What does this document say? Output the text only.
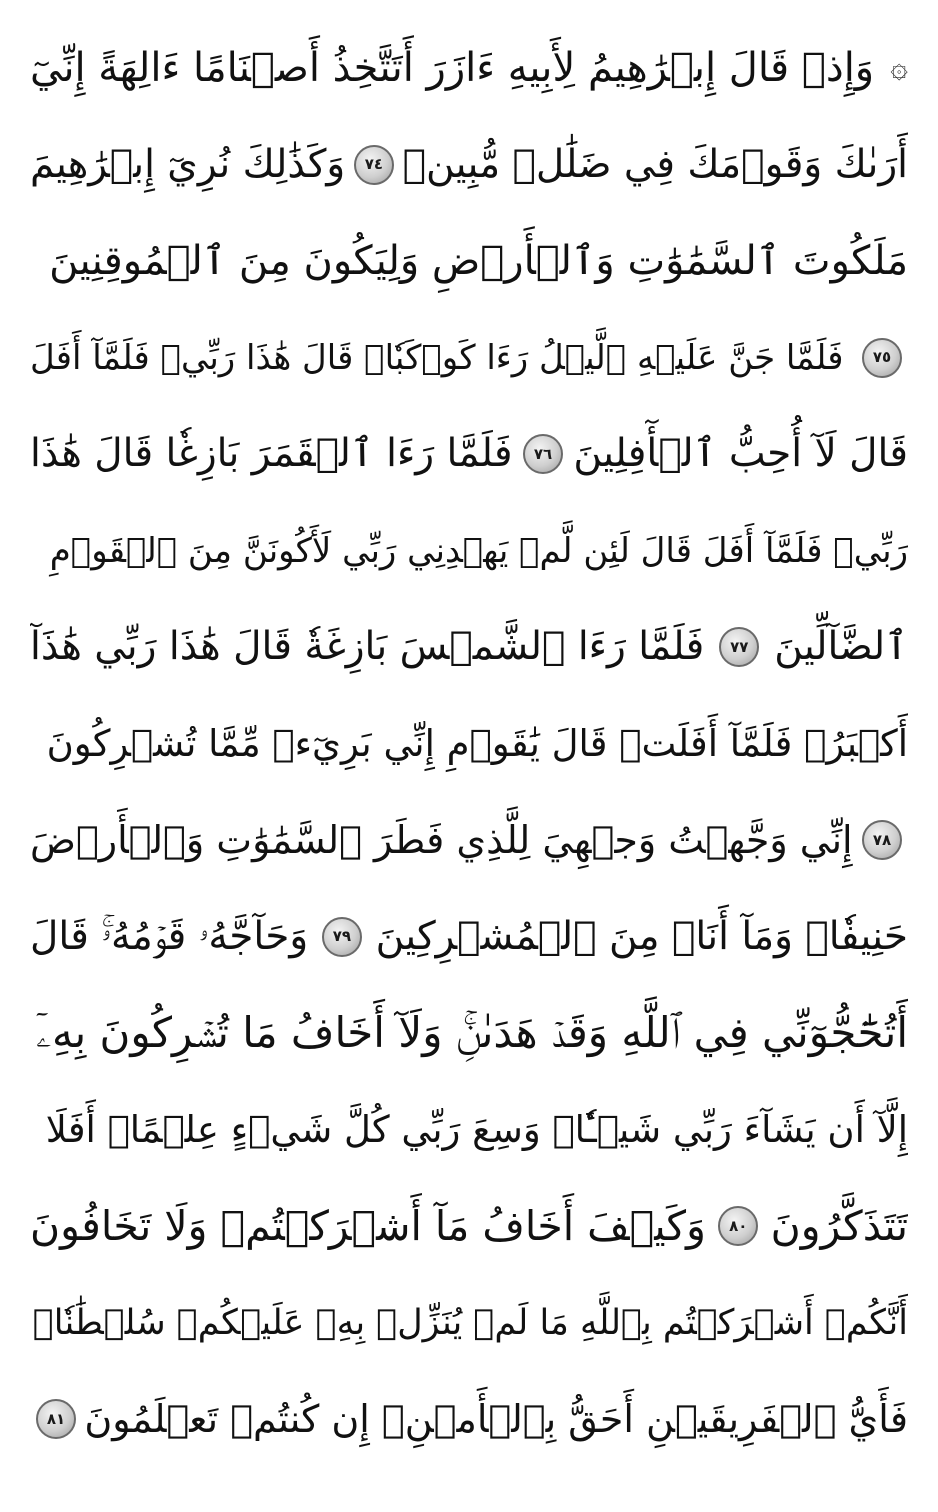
۞
وَإِذۡ قَالَ إِبۡرَٰهِيمُ لِأَبِيهِ ءَازَرَ أَتَتَّخِذُ أَصۡنَامًا ءَالِهَةً إِنِّيٓ
أَرَىٰكَ وَقَوۡمَكَ فِي ضَلَٰلٖ مُّبِينٖ
٧٤
وَكَذَٰلِكَ نُرِيٓ إِبۡرَٰهِيمَ
مَلَكُوتَ ٱلسَّمَٰوَٰتِ وَٱلۡأَرۡضِ وَلِيَكُونَ مِنَ ٱلۡمُوقِنِينَ
٧٥
فَلَمَّا جَنَّ عَلَيۡهِ ٱلَّيۡلُ رَءَا كَوۡكَبٗاۖ قَالَ هَٰذَا رَبِّيۖ فَلَمَّآ أَفَلَ
قَالَ لَآ أُحِبُّ ٱلۡأٓفِلِينَ
٧٦
فَلَمَّا رَءَا ٱلۡقَمَرَ بَازِغٗا قَالَ هَٰذَا
رَبِّيۖ فَلَمَّآ أَفَلَ قَالَ لَئِن لَّمۡ يَهۡدِنِي رَبِّي لَأَكُونَنَّ مِنَ ٱلۡقَوۡمِ
ٱلضَّآلِّينَ
٧٧
فَلَمَّا رَءَا ٱلشَّمۡسَ بَازِغَةٗ قَالَ هَٰذَا رَبِّي هَٰذَآ
أَكۡبَرُۖ فَلَمَّآ أَفَلَتۡ قَالَ يَٰقَوۡمِ إِنِّي بَرِيٓءٞ مِّمَّا تُشۡرِكُونَ
٧٨
إِنِّي وَجَّهۡتُ وَجۡهِيَ لِلَّذِي فَطَرَ ٱلسَّمَٰوَٰتِ وَٱلۡأَرۡضَ
حَنِيفٗاۖ وَمَآ أَنَا۠ مِنَ ٱلۡمُشۡرِكِينَ
٧٩
وَحَآجَّهُۥ قَوۡمُهُۥۚ قَالَ
أَتُحَٰٓجُّوٓنِّي فِي ٱللَّهِ وَقَدۡ هَدَىٰنِۚ وَلَآ أَخَافُ مَا تُشۡرِكُونَ بِهِۦٓ
إِلَّآ أَن يَشَآءَ رَبِّي شَيۡـٔٗاۚ وَسِعَ رَبِّي كُلَّ شَيۡءٍ عِلۡمًاۚ أَفَلَا
تَتَذَكَّرُونَ
٨٠
وَكَيۡفَ أَخَافُ مَآ أَشۡرَكۡتُمۡ وَلَا تَخَافُونَ
أَنَّكُمۡ أَشۡرَكۡتُم بِٱللَّهِ مَا لَمۡ يُنَزِّلۡ بِهِۦ عَلَيۡكُمۡ سُلۡطَٰنٗاۚ
فَأَيُّ ٱلۡفَرِيقَيۡنِ أَحَقُّ بِٱلۡأَمۡنِۖ إِن كُنتُمۡ تَعۡلَمُونَ
٨١
